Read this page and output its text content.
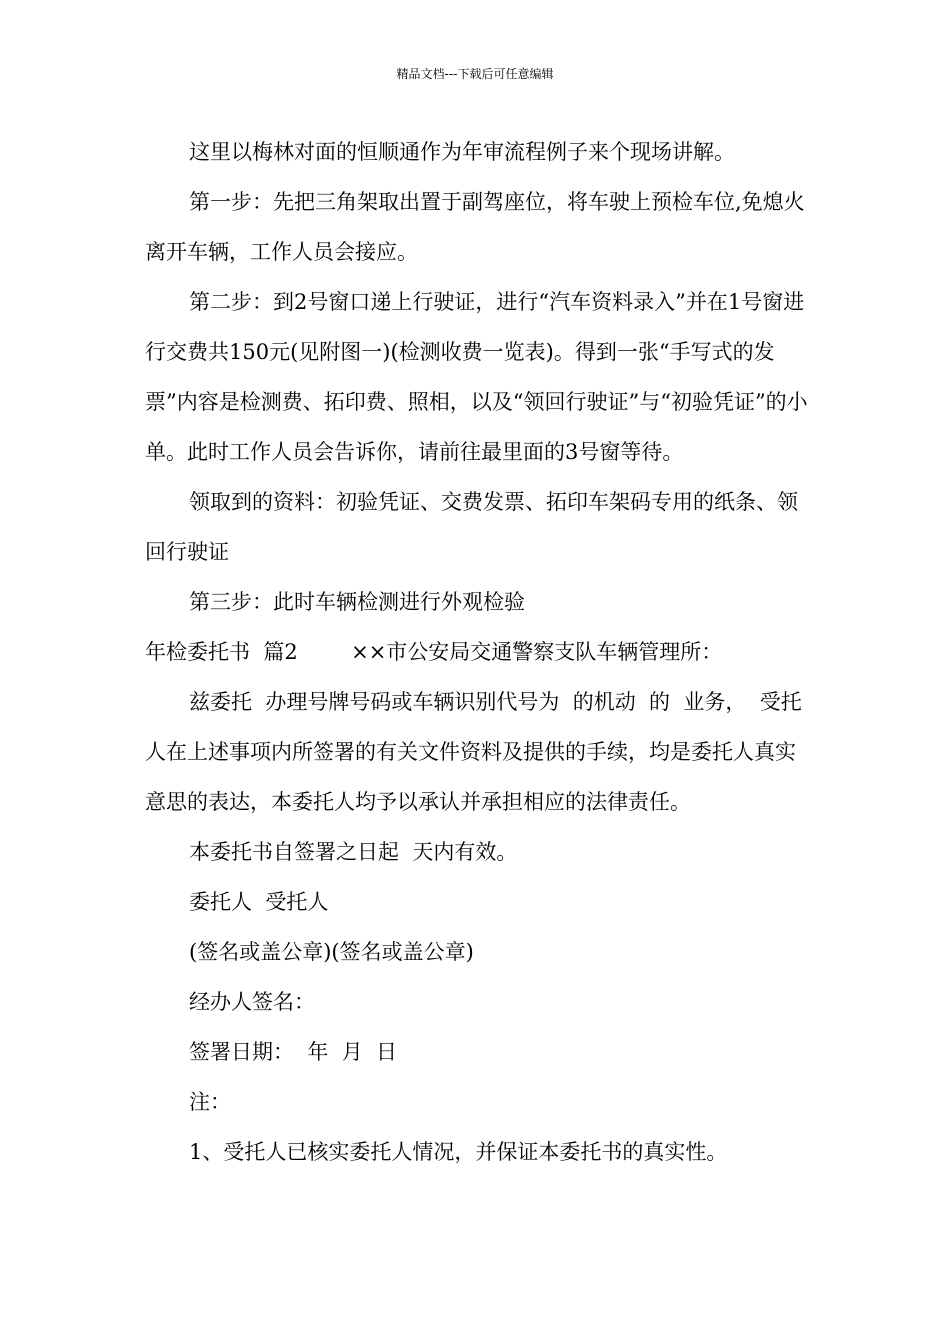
精品文档---下载后可任意编辑

这里以梅林对面的恒顺通作为年审流程例子来个现场讲解。

第一步：先把三角架取出置于副驾座位，将车驶上预检车位,免熄火离开车辆，工作人员会接应。

第二步：到2号窗口递上行驶证，进行“汽车资料录入”并在1号窗进行交费共150元(见附图一)(检测收费一览表)。得到一张“手写式的发票”内容是检测费、拓印费、照相，以及“领回行驶证”与“初验凭证”的小单。此时工作人员会告诉你，请前往最里面的3号窗等待。

领取到的资料：初验凭证、交费发票、拓印车架码专用的纸条、领回行驶证

第三步：此时车辆检测进行外观检验

年检委托书  篇2        ××市公安局交通警察支队车辆管理所：

兹委托  办理号牌号码或车辆识别代号为  的机动  的  业务，  受托人在上述事项内所签署的有关文件资料及提供的手续，均是委托人真实意思的表达，本委托人均予以承认并承担相应的法律责任。

本委托书自签署之日起  天内有效。

委托人  受托人

(签名或盖公章)(签名或盖公章)

经办人签名：

签署日期：  年  月  日

注：

1、受托人已核实委托人情况，并保证本委托书的真实性。
